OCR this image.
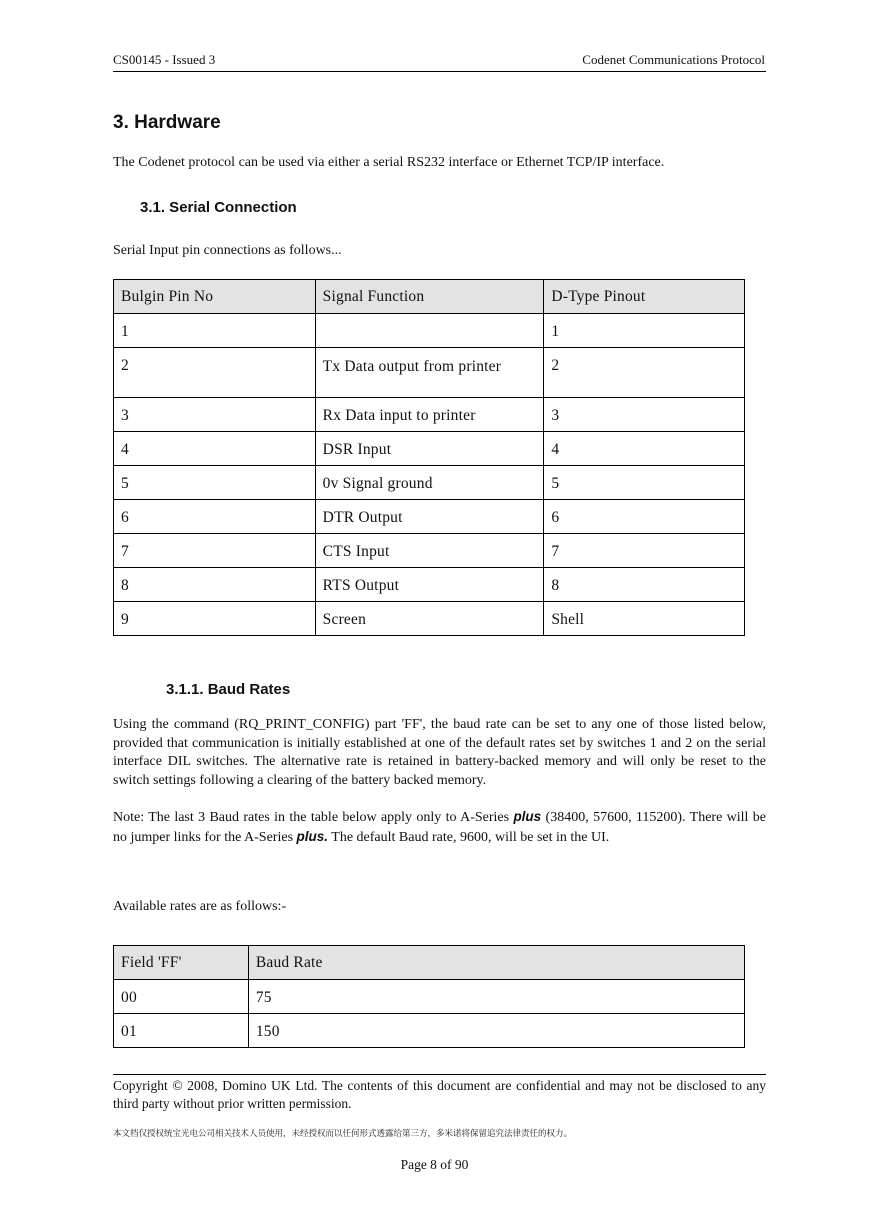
CS00145 - Issued 3	Codenet Communications Protocol
3. Hardware
The Codenet protocol can be used via either a serial RS232 interface or Ethernet TCP/IP interface.
3.1. Serial Connection
Serial Input pin connections as follows...
Bulgin Pin No	Signal Function	D-Type Pinout
1		1
2	Tx Data output from printer	2
3	Rx Data input to printer	3
4	DSR Input	4
5	0v Signal ground	5
6	DTR Output	6
7	CTS Input	7
8	RTS Output	8
9	Screen	Shell
3.1.1. Baud Rates
Using the command (RQ_PRINT_CONFIG) part 'FF', the baud rate can be set to any one of those listed below, provided that communication is initially established at one of the default rates set by switches 1 and 2 on the serial interface DIL switches. The alternative rate is retained in battery-backed memory and will only be reset to the switch settings following a clearing of the battery backed memory.
Note: The last 3 Baud rates in the table below apply only to A-Series plus (38400, 57600, 115200). There will be no jumper links for the A-Series plus. The default Baud rate, 9600, will be set in the UI.
Available rates are as follows:-
Field 'FF'	Baud Rate
00	75
01	150
Copyright © 2008, Domino UK Ltd. The contents of this document are confidential and may not be disclosed to any third party without prior written permission.
本文档仅授权统宝光电公司相关技术人员使用，未经授权而以任何形式透露给第三方，多米诺将保留追究法律责任的权力。
Page 8 of 90
